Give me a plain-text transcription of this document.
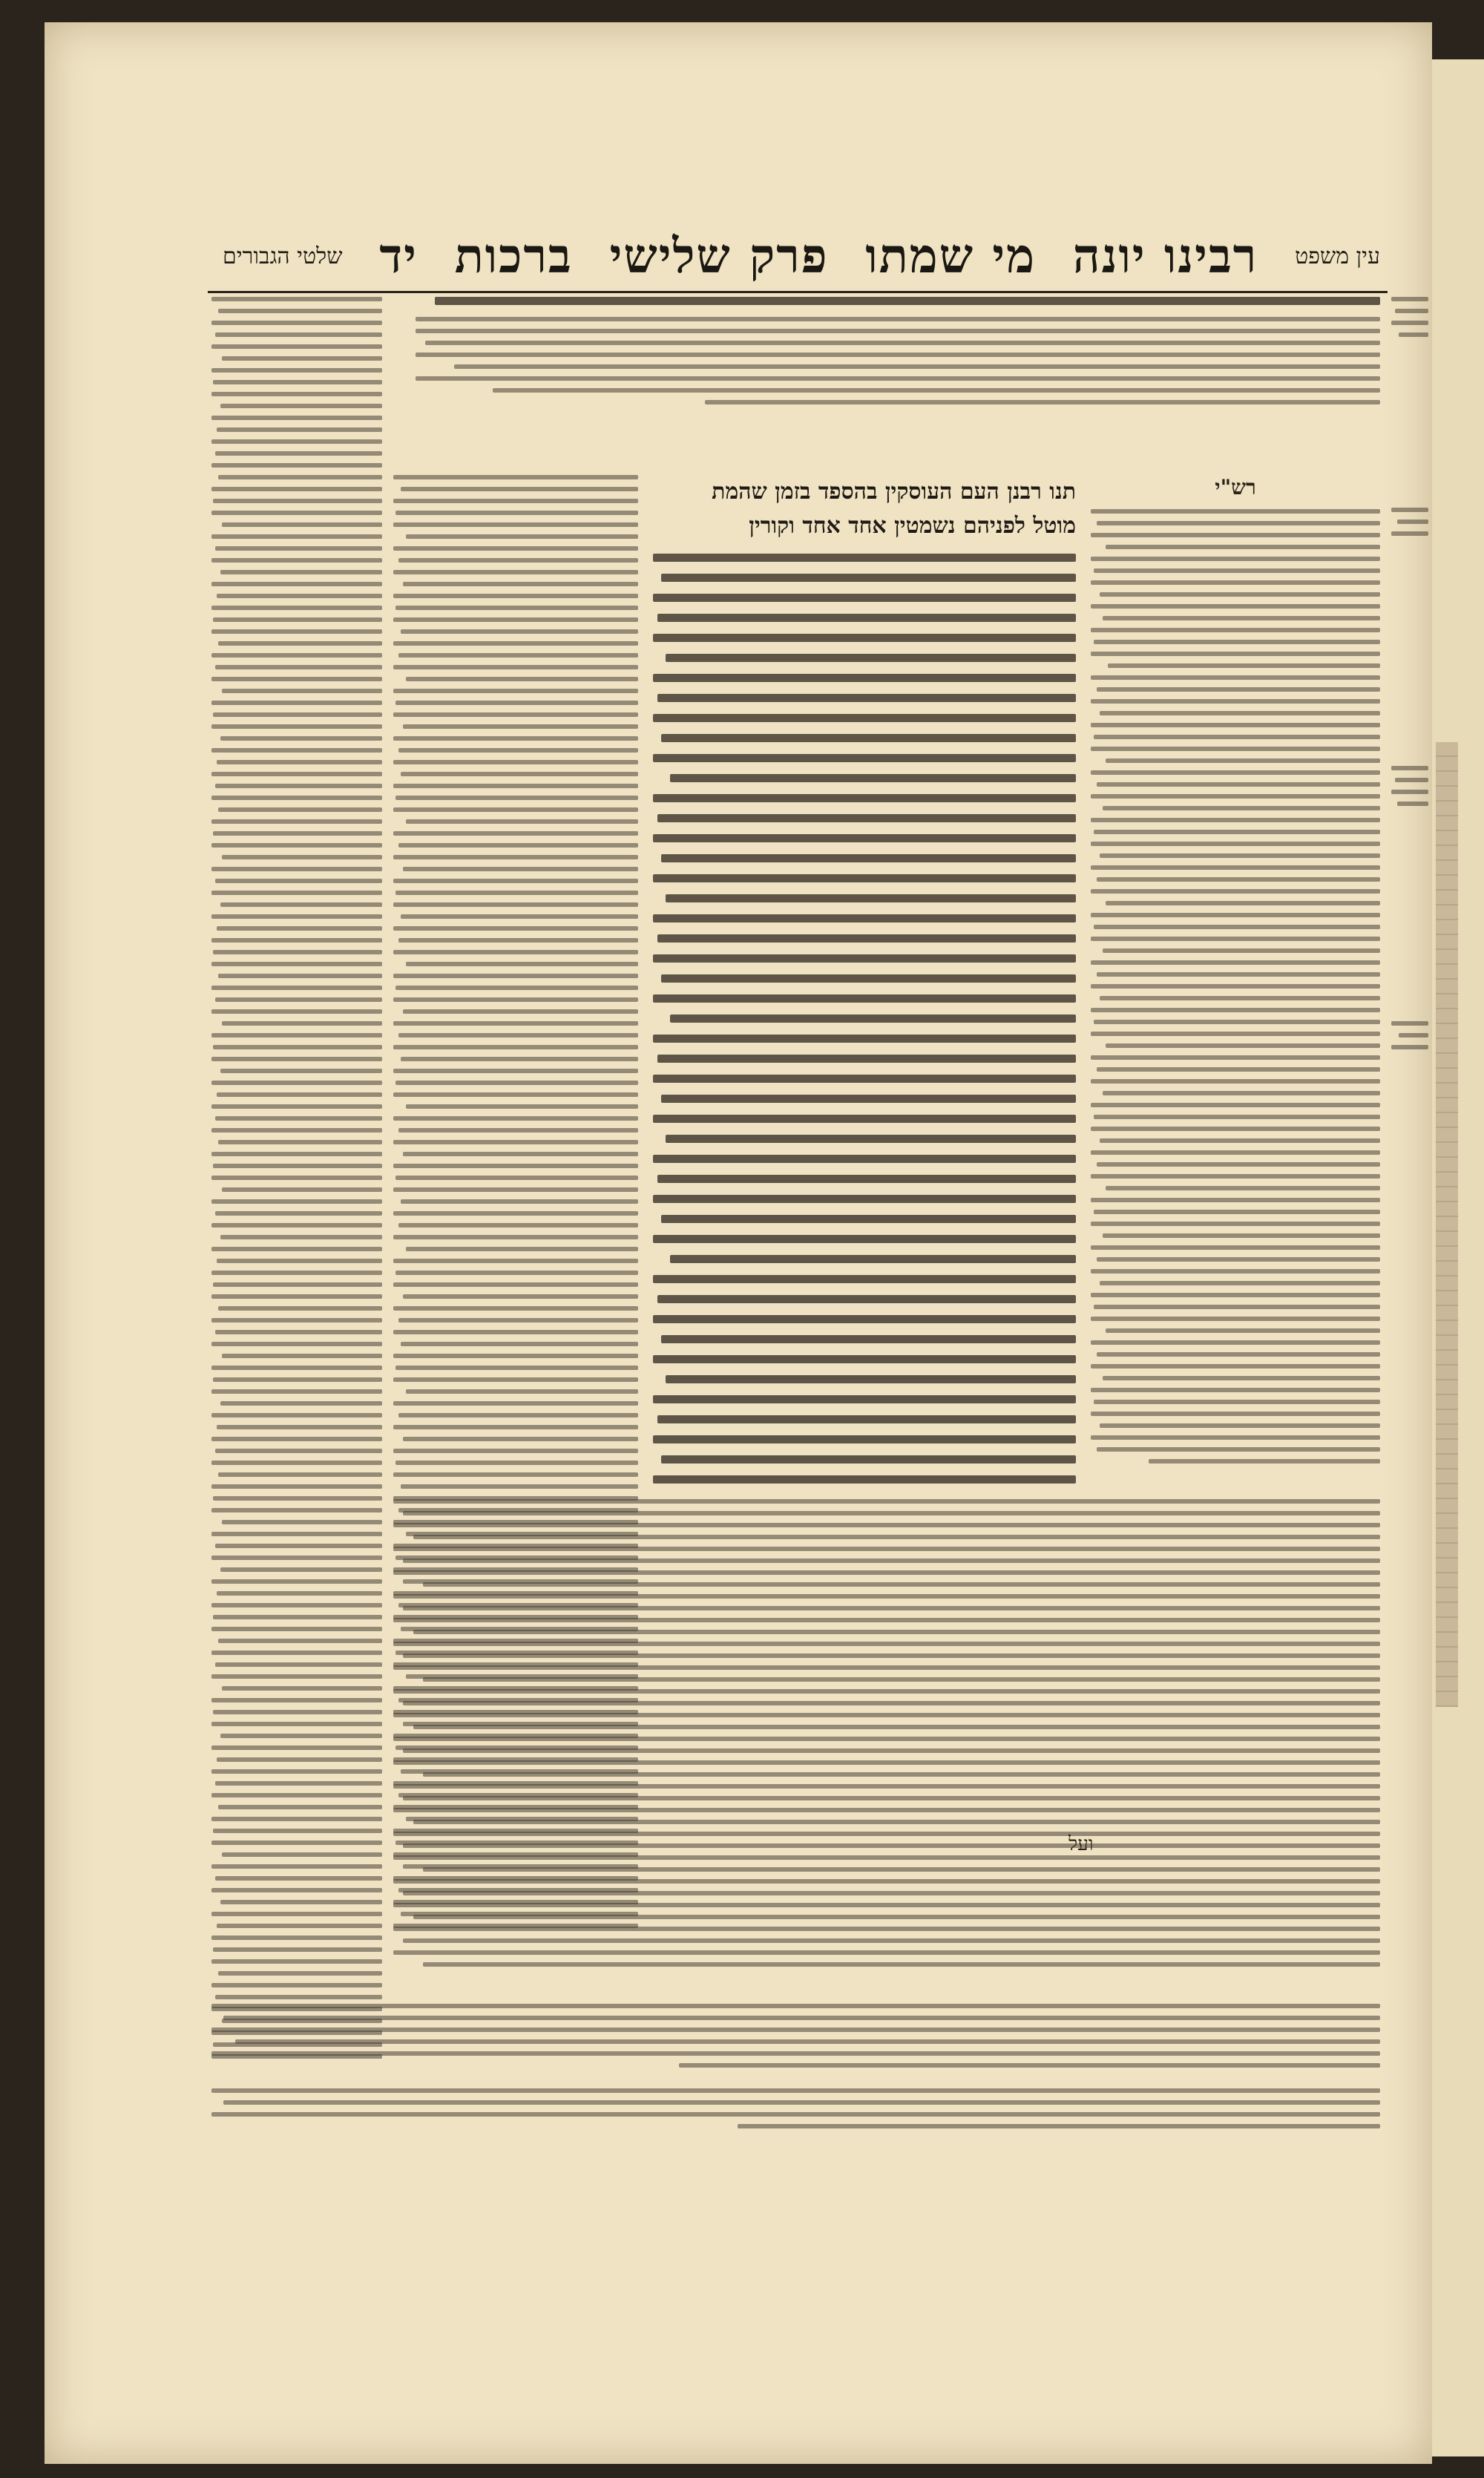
עין משפט
רבינו יונה
מי שמתו
פרק שלישי
ברכות
יד
שלטי הגבורים
רש"י
תנו רבנן העם העוסקין בהספד בזמן שהמת
מוטל לפניהם נשמטין אחד אחד וקורין
ועל
